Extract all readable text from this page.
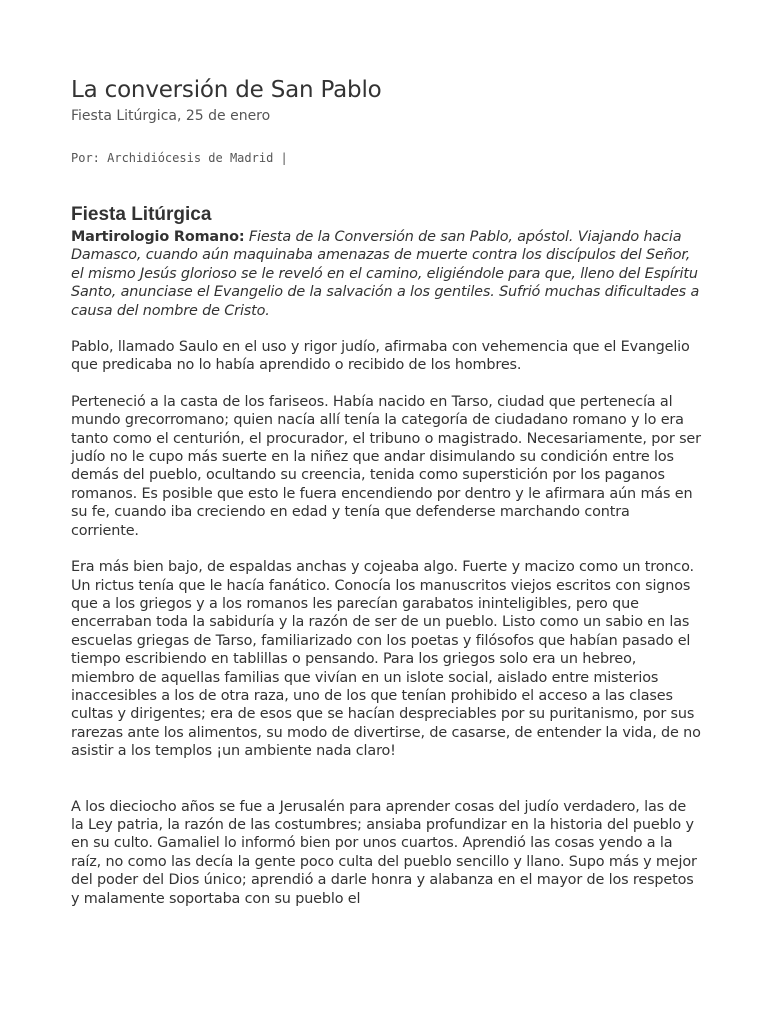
La conversión de San Pablo

Fiesta Litúrgica, 25 de enero

Por: Archidiócesis de Madrid |

Fiesta Litúrgica

Martirologio Romano: Fiesta de la Conversión de san Pablo, apóstol. Viajando hacia Damasco, cuando aún maquinaba amenazas de muerte contra los discípulos del Señor, el mismo Jesús glorioso se le reveló en el camino, eligiéndole para que, lleno del Espíritu Santo, anunciase el Evangelio de la salvación a los gentiles. Sufrió muchas dificultades a causa del nombre de Cristo.

Pablo, llamado Saulo en el uso y rigor judío, afirmaba con vehemencia que el Evangelio que predicaba no lo había aprendido o recibido de los hombres.

Perteneció a la casta de los fariseos. Había nacido en Tarso, ciudad que pertenecía al mundo grecorromano; quien nacía allí tenía la categoría de ciudadano romano y lo era tanto como el centurión, el procurador, el tribuno o magistrado. Necesariamente, por ser judío no le cupo más suerte en la niñez que andar disimulando su condición entre los demás del pueblo, ocultando su creencia, tenida como superstición por los paganos romanos. Es posible que esto le fuera encendiendo por dentro y le afirmara aún más en su fe, cuando iba creciendo en edad y tenía que defenderse marchando contra corriente.

Era más bien bajo, de espaldas anchas y cojeaba algo. Fuerte y macizo como un tronco. Un rictus tenía que le hacía fanático. Conocía los manuscritos viejos escritos con signos que a los griegos y a los romanos les parecían garabatos ininteligibles, pero que encerraban toda la sabiduría y la razón de ser de un pueblo. Listo como un sabio en las escuelas griegas de Tarso, familiarizado con los poetas y filósofos que habían pasado el tiempo escribiendo en tablillas o pensando. Para los griegos solo era un hebreo, miembro de aquellas familias que vivían en un islote social, aislado entre misterios inaccesibles a los de otra raza, uno de los que tenían prohibido el acceso a las clases cultas y dirigentes; era de esos que se hacían despreciables por su puritanismo, por sus rarezas ante los alimentos, su modo de divertirse, de casarse, de entender la vida, de no asistir a los templos ¡un ambiente nada claro!

A los dieciocho años se fue a Jerusalén para aprender cosas del judío verdadero, las de la Ley patria, la razón de las costumbres; ansiaba profundizar en la historia del pueblo y en su culto. Gamaliel lo informó bien por unos cuartos. Aprendió las cosas yendo a la raíz, no como las decía la gente poco culta del pueblo sencillo y llano. Supo más y mejor del poder del Dios único; aprendió a darle honra y alabanza en el mayor de los respetos y malamente soportaba con su pueblo el
